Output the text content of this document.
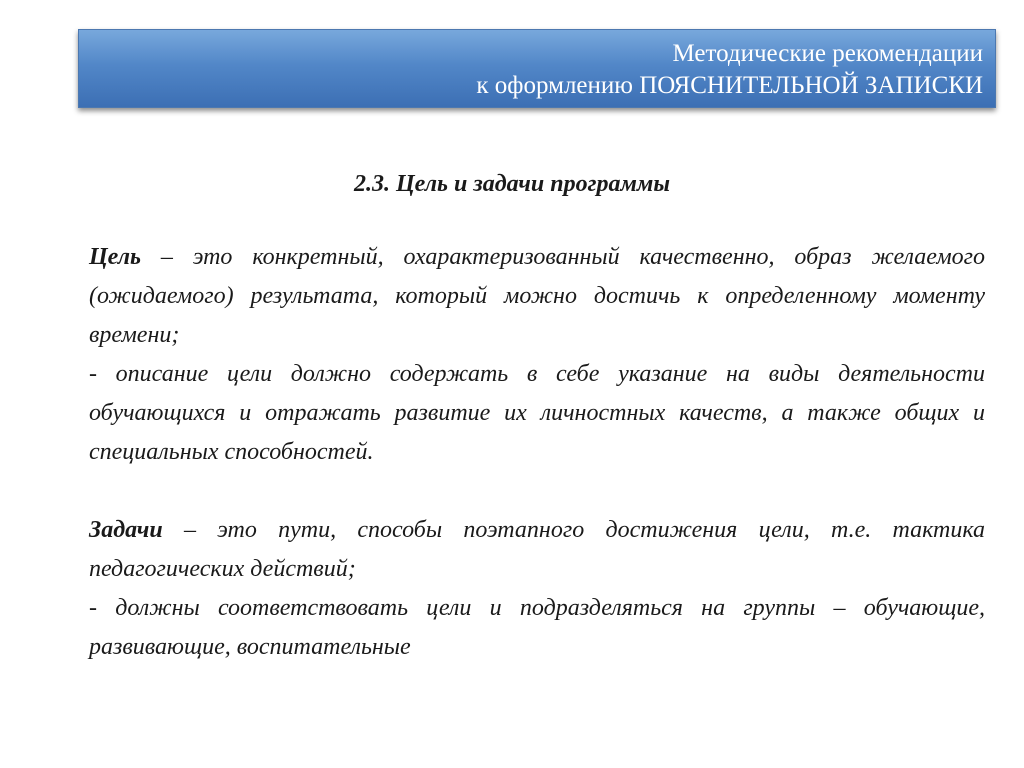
Методические рекомендации
к оформлению ПОЯСНИТЕЛЬНОЙ ЗАПИСКИ
2.3. Цель и задачи программы

Цель – это конкретный, охарактеризованный качественно, образ желаемого (ожидаемого) результата, который можно достичь к определенному моменту времени;

- описание цели должно содержать в себе указание на виды деятельности обучающихся и отражать развитие их личностных качеств, а также общих и специальных способностей.

Задачи – это пути, способы поэтапного достижения цели, т.е. тактика педагогических действий;

- должны соответствовать цели и подразделяться на группы – обучающие, развивающие, воспитательные
